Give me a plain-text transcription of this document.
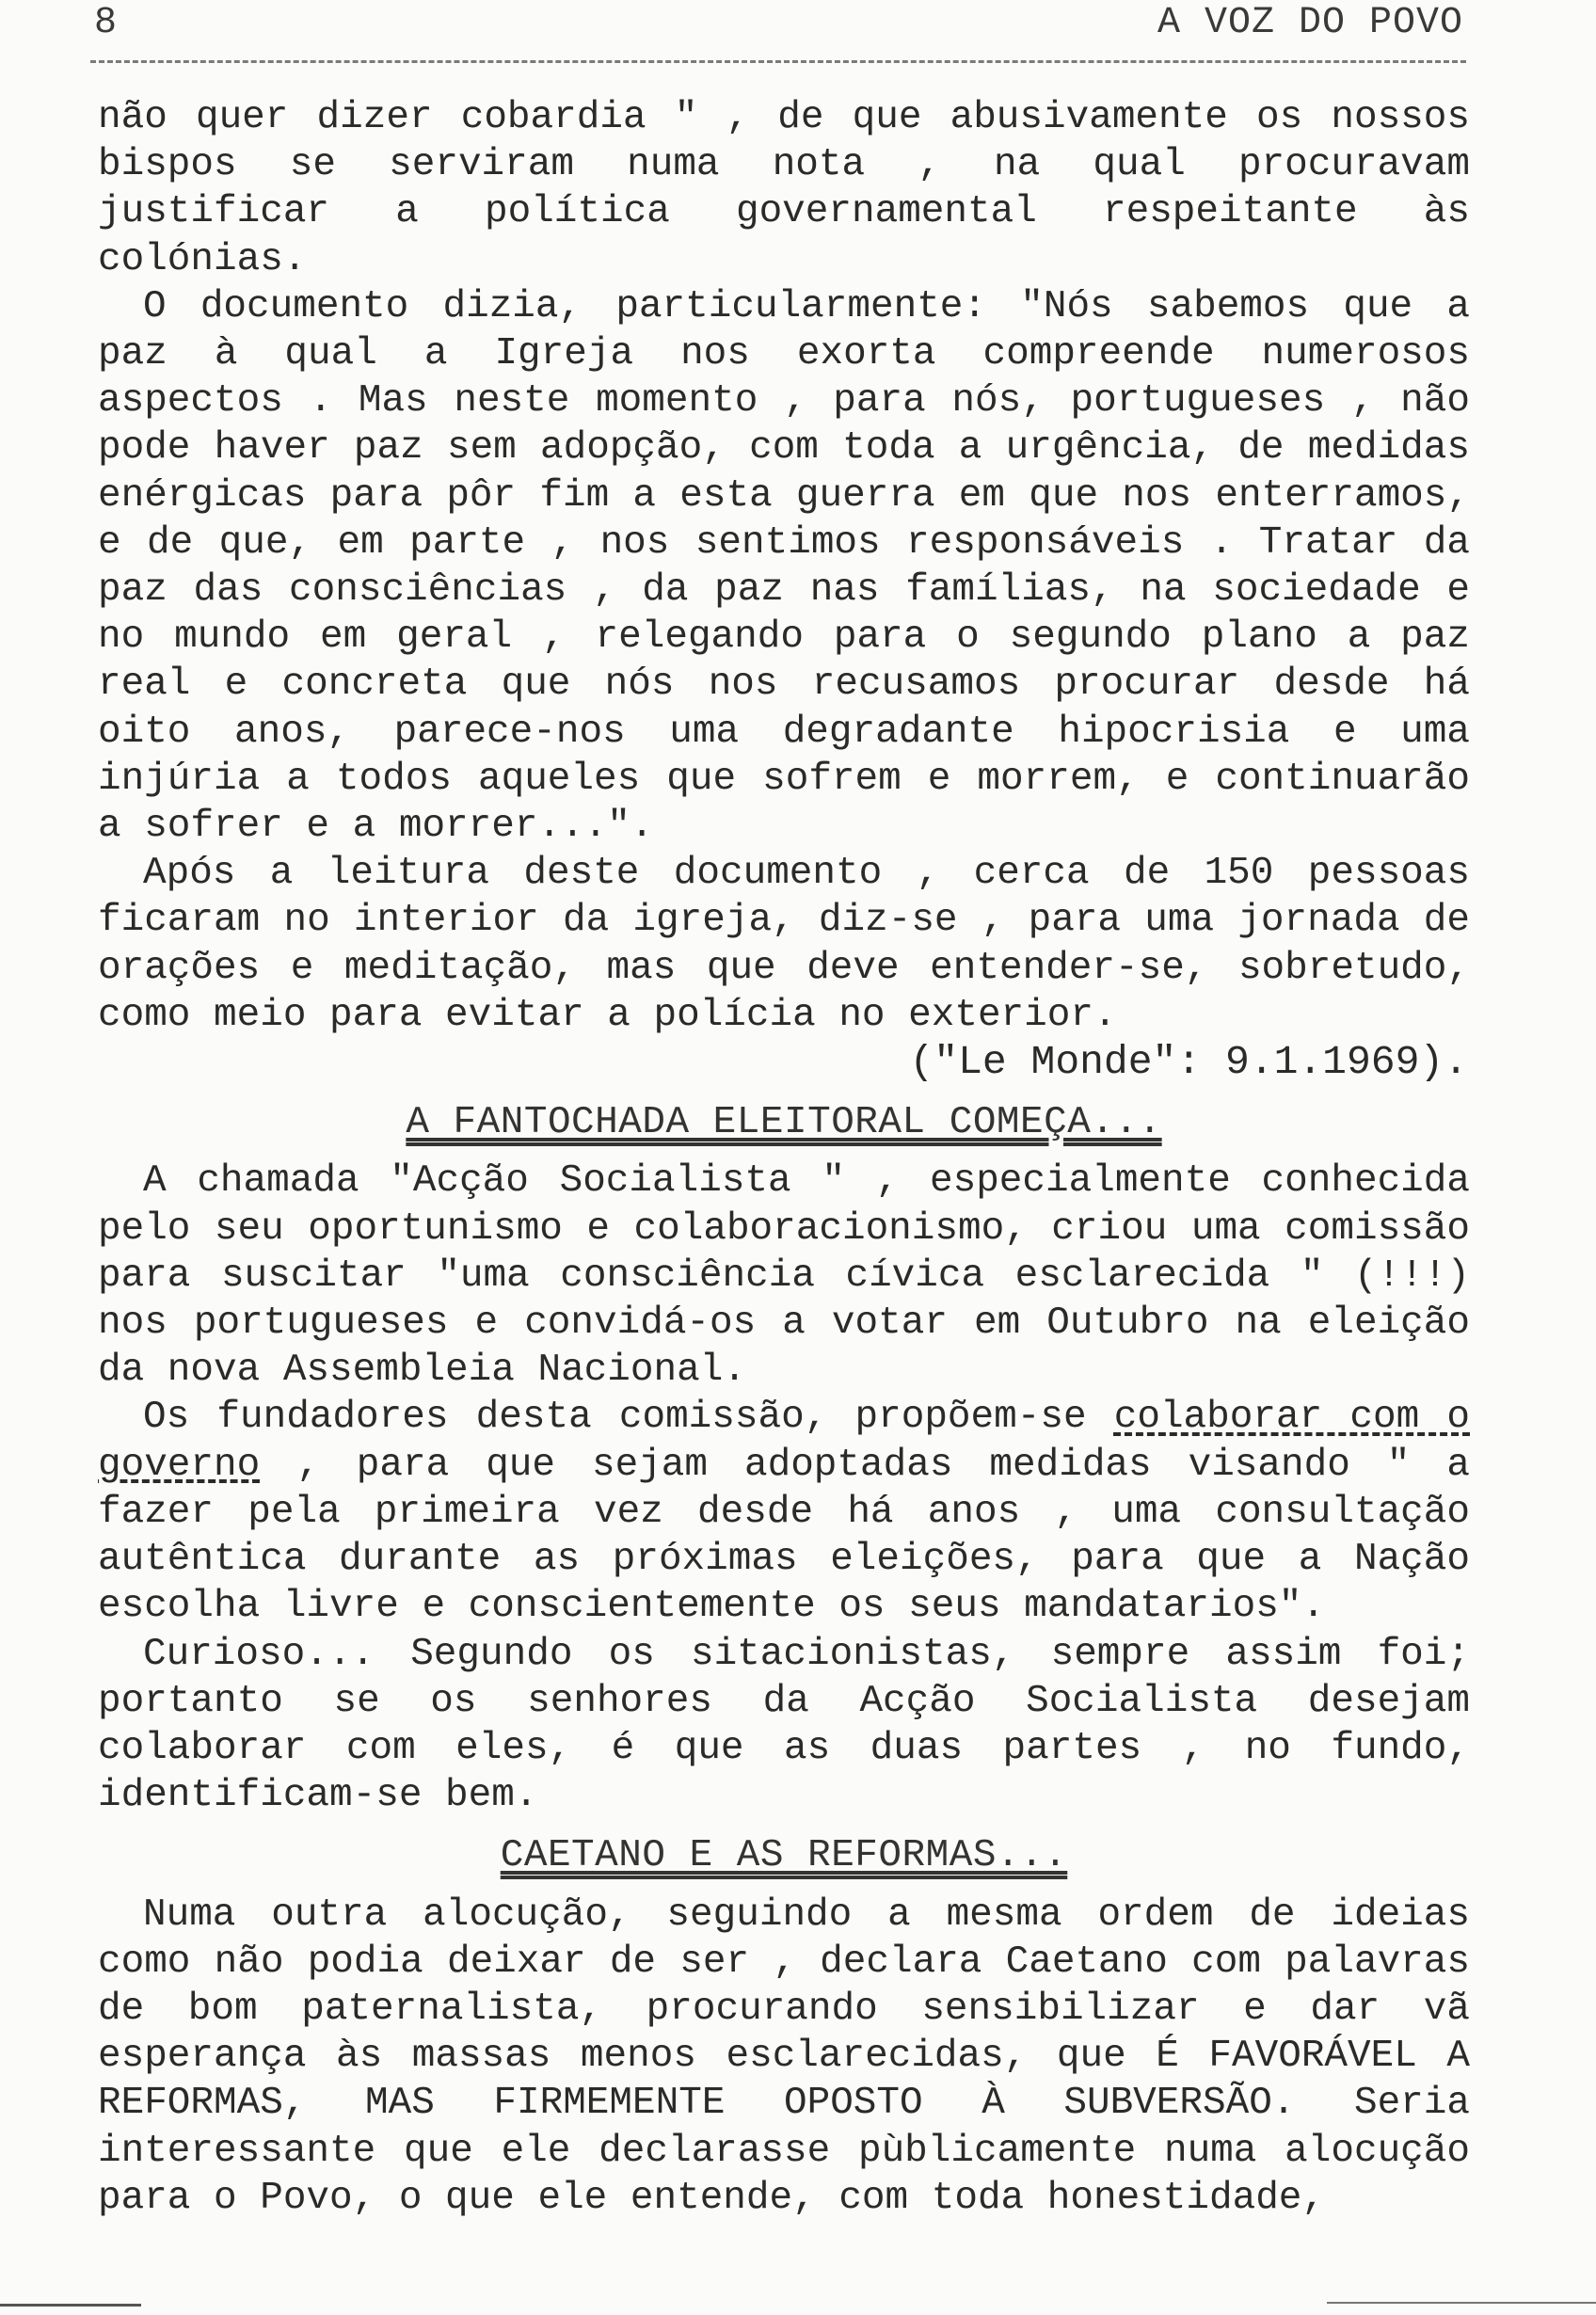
8	A VOZ DO POVO

não quer dizer cobardia " , de que abusivamente os nossos bispos se serviram numa nota , na qual procuravam justificar a política governamental respeitante às colónias.

O documento dizia, particularmente: "Nós sabemos que a paz à qual a Igreja nos exorta compreende numerosos aspectos . Mas neste momento , para nós, portugueses , não pode haver paz sem adopção, com toda a urgência, de medidas enérgicas para pôr fim a esta guerra em que nos enterramos, e de que, em parte , nos sentimos responsáveis . Tratar da paz das consciências , da paz nas famílias, na sociedade e no mundo em geral , relegando para o segundo plano a paz real e concreta que nós nos recusamos procurar desde há oito anos, parece-nos uma degradante hipocrisia e uma injúria a todos aqueles que sofrem e morrem, e continuarão a sofrer e a morrer...".

Após a leitura deste documento , cerca de 150 pessoas ficaram no interior da igreja, diz-se , para uma jornada de orações e meditação, mas que deve entender-se, sobretudo, como meio para evitar a polícia no exterior.

("Le Monde": 9.1.1969).

A FANTOCHADA ELEITORAL COMEÇA...

A chamada "Acção Socialista " , especialmente conhecida pelo seu oportunismo e colaboracionismo, criou uma comissão para suscitar "uma consciência cívica esclarecida " (!!!) nos portugueses e convidá-os a votar em Outubro na eleição da nova Assembleia Nacional.

Os fundadores desta comissão, propõem-se colaborar com o governo , para que sejam adoptadas medidas visando " a fazer pela primeira vez desde há anos , uma consultação autêntica durante as próximas eleições, para que a Nação escolha livre e conscientemente os seus mandatarios".

Curioso... Segundo os sitacionistas, sempre assim foi; portanto se os senhores da Acção Socialista desejam colaborar com eles, é que as duas partes , no fundo, identificam-se bem.

CAETANO E AS REFORMAS...

Numa outra alocução, seguindo a mesma ordem de ideias como não podia deixar de ser , declara Caetano com palavras de bom paternalista, procurando sensibilizar e dar vã esperança às massas menos esclarecidas, que É FAVORÁVEL A REFORMAS, MAS FIRMEMENTE OPOSTO À SUBVERSÃO. Seria interessante que ele declarasse pùblicamente numa alocução para o Povo, o que ele entende, com toda honestidade,
